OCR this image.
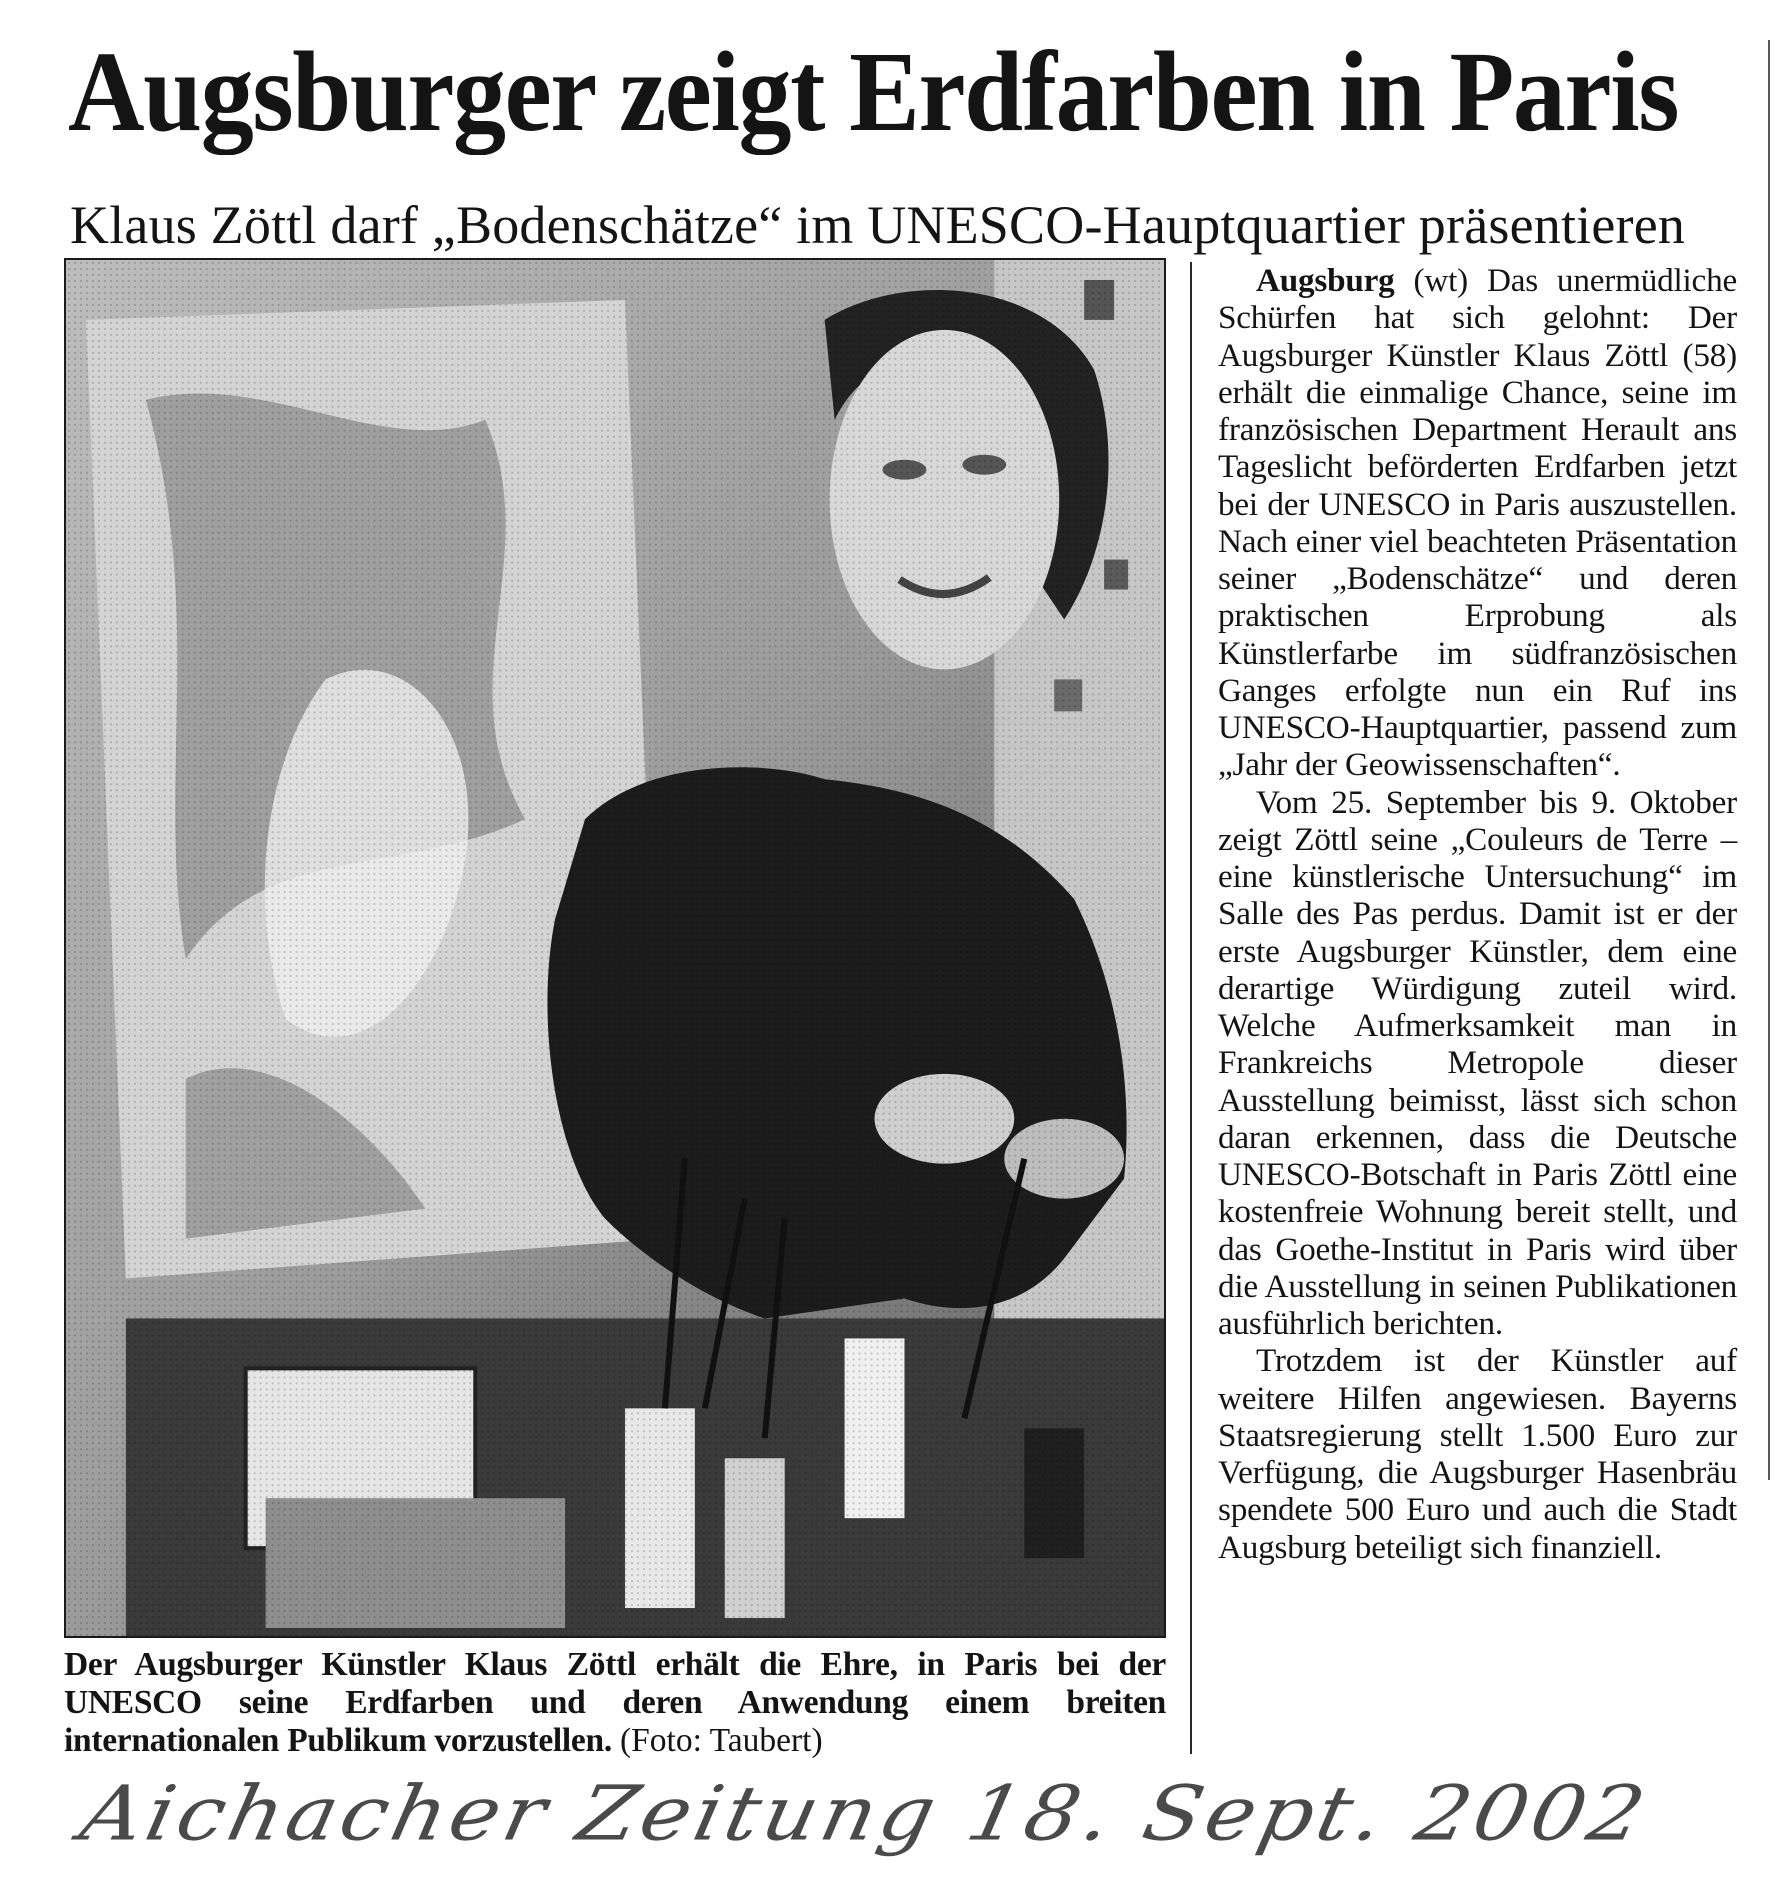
Augsburger zeigt Erdfarben in Paris
Klaus Zöttl darf „Bodenschätze“ im UNESCO-Hauptquartier präsentieren
Der Augsburger Künstler Klaus Zöttl erhält die Ehre, in Paris bei der UNESCO seine Erdfarben und deren Anwendung einem breiten internationalen Publikum vorzustellen. (Foto: Taubert)

Augsburg (wt) Das unermüdliche Schürfen hat sich gelohnt: Der Augsburger Künstler Klaus Zöttl (58) erhält die einmalige Chance, seine im französischen Department Herault ans Tageslicht beförderten Erdfarben jetzt bei der UNESCO in Paris auszustellen. Nach einer viel beachteten Präsentation seiner „Bodenschätze“ und deren praktischen Erprobung als Künstlerfarbe im südfranzösischen Ganges erfolgte nun ein Ruf ins UNESCO-Hauptquartier, passend zum „Jahr der Geowissenschaften“.

Vom 25. September bis 9. Oktober zeigt Zöttl seine „Couleurs de Terre – eine künstlerische Untersuchung“ im Salle des Pas perdus. Damit ist er der erste Augsburger Künstler, dem eine derartige Würdigung zuteil wird. Welche Aufmerksamkeit man in Frankreichs Metropole dieser Ausstellung beimisst, lässt sich schon daran erkennen, dass die Deutsche UNESCO-Botschaft in Paris Zöttl eine kostenfreie Wohnung bereit stellt, und das Goethe-Institut in Paris wird über die Ausstellung in seinen Publikationen ausführlich berichten.

Trotzdem ist der Künstler auf weitere Hilfen angewiesen. Bayerns Staatsregierung stellt 1.500 Euro zur Verfügung, die Augsburger Hasenbräu spendete 500 Euro und auch die Stadt Augsburg beteiligt sich finanziell.

Aichacher Zeitung 18. Sept. 2002
